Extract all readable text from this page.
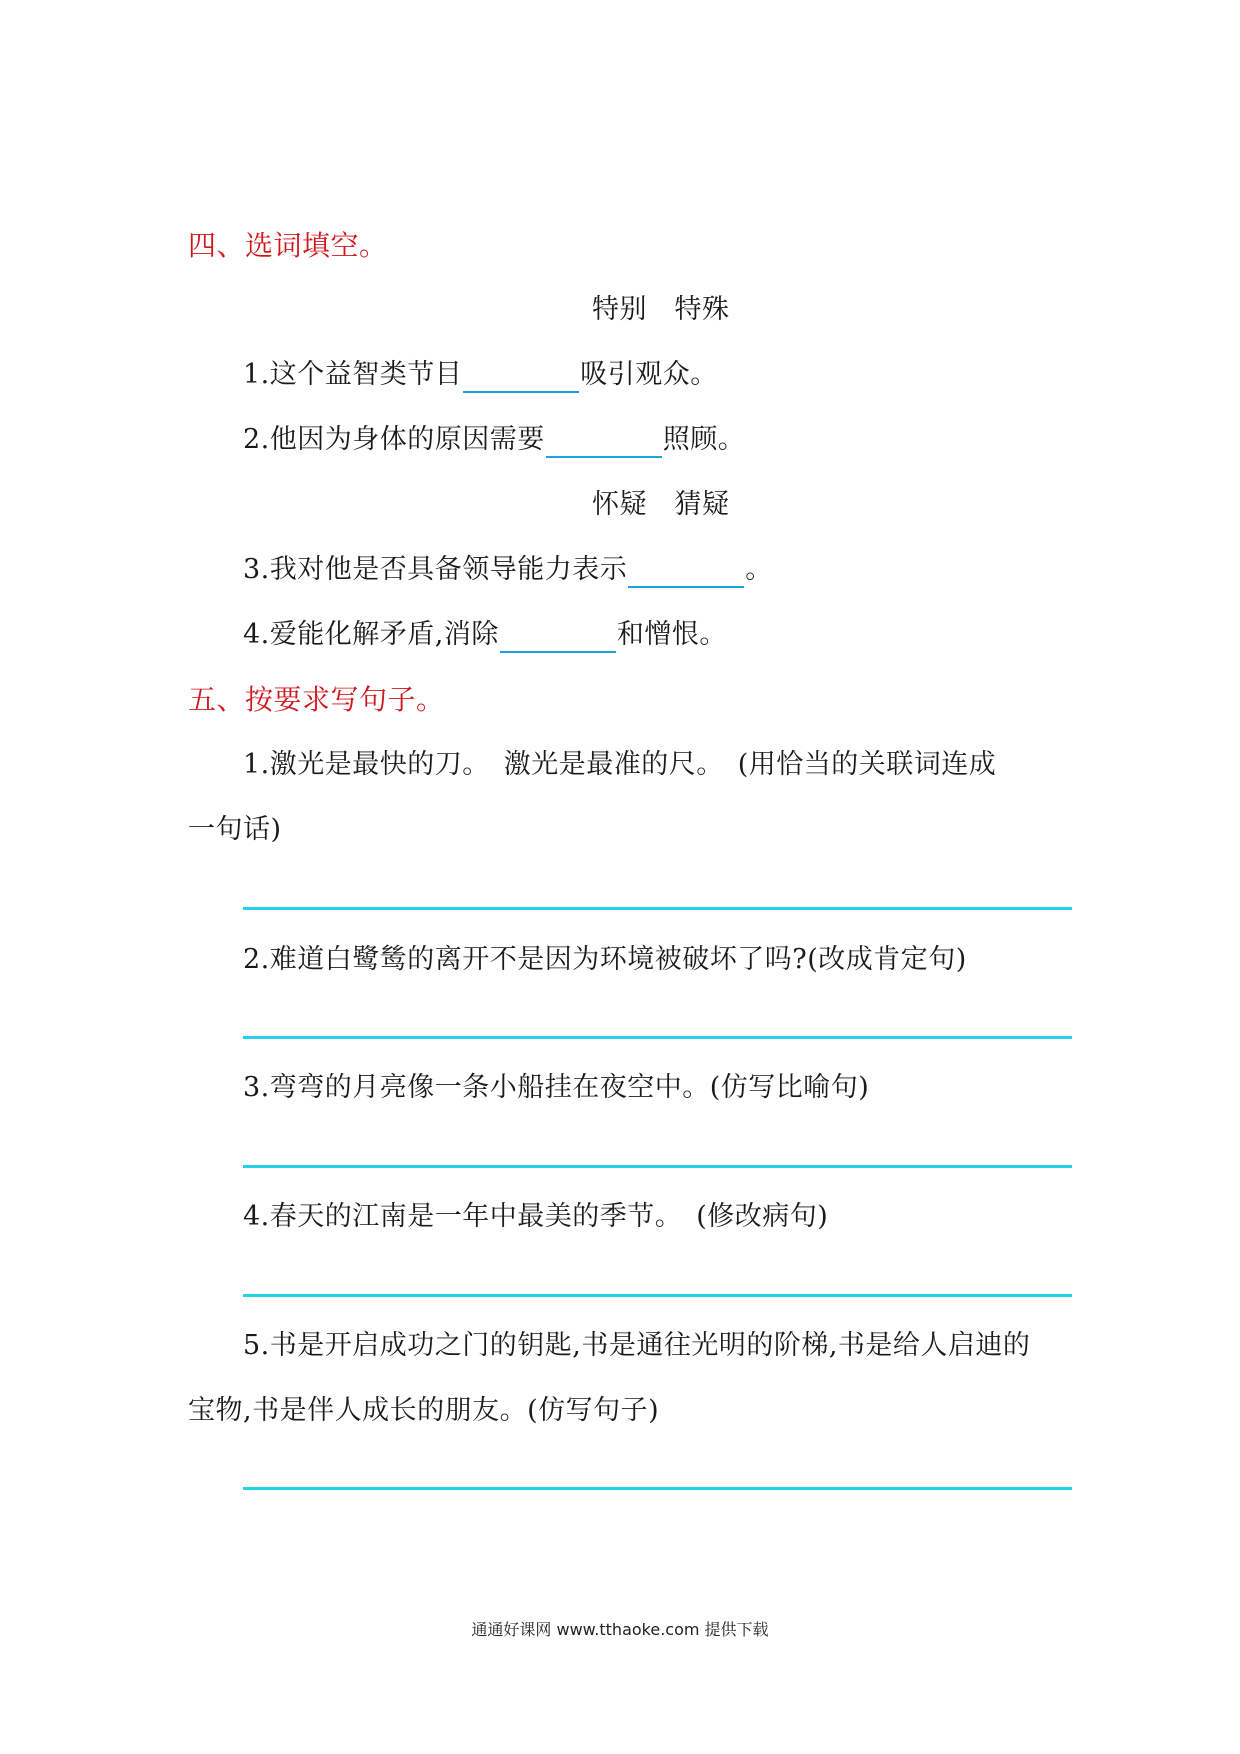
四、选词填空。
特别　特殊
1.这个益智类节目	吸引观众。
2.他因为身体的原因需要	照顾。
怀疑　猜疑
3.我对他是否具备领导能力表示	。
4.爱能化解矛盾,消除	和憎恨。
五、按要求写句子。
1.激光是最快的刀。　激光是最准的尺。　(用恰当的关联词连成
一句话)
2.难道白鹭鸶的离开不是因为环境被破坏了吗?(改成肯定句)
3.弯弯的月亮像一条小船挂在夜空中。(仿写比喻句)
4.春天的江南是一年中最美的季节。　(修改病句)
5.书是开启成功之门的钥匙,书是通往光明的阶梯,书是给人启迪的
宝物,书是伴人成长的朋友。(仿写句子)
通通好课网 www.tthaoke.com 提供下载
